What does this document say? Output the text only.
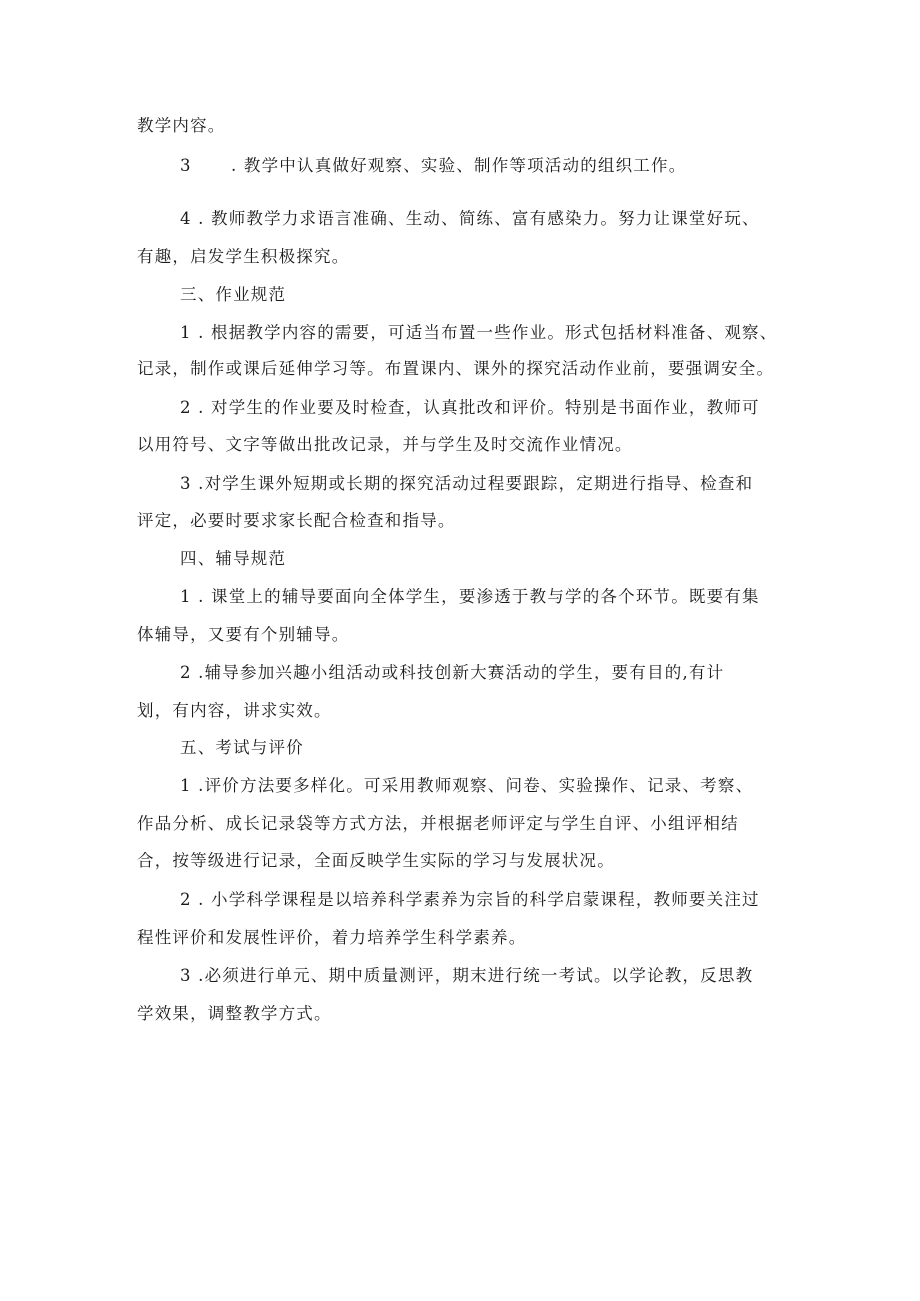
教学内容。
3 . 教学中认真做好观察、实验、制作等项活动的组织工作。
4 . 教师教学力求语言准确、生动、简练、富有感染力。努力让课堂好玩、
有趣，启发学生积极探究。
三、作业规范
1 . 根据教学内容的需要，可适当布置一些作业。形式包括材料准备、观察、
记录，制作或课后延伸学习等。布置课内、课外的探究活动作业前，要强调安全。
2 . 对学生的作业要及时检查，认真批改和评价。特别是书面作业，教师可
以用符号、文字等做出批改记录，并与学生及时交流作业情况。
3 .对学生课外短期或长期的探究活动过程要跟踪，定期进行指导、检查和
评定，必要时要求家长配合检查和指导。
四、辅导规范
1 . 课堂上的辅导要面向全体学生，要渗透于教与学的各个环节。既要有集
体辅导，又要有个别辅导。
2 .辅导参加兴趣小组活动或科技创新大赛活动的学生，要有目的,有计
划，有内容，讲求实效。
五、考试与评价
1 .评价方法要多样化。可采用教师观察、问卷、实验操作、记录、考察、
作品分析、成长记录袋等方式方法，并根据老师评定与学生自评、小组评相结
合，按等级进行记录，全面反映学生实际的学习与发展状况。
2 . 小学科学课程是以培养科学素养为宗旨的科学启蒙课程，教师要关注过
程性评价和发展性评价，着力培养学生科学素养。
3 .必须进行单元、期中质量测评，期末进行统一考试。以学论教，反思教
学效果，调整教学方式。
